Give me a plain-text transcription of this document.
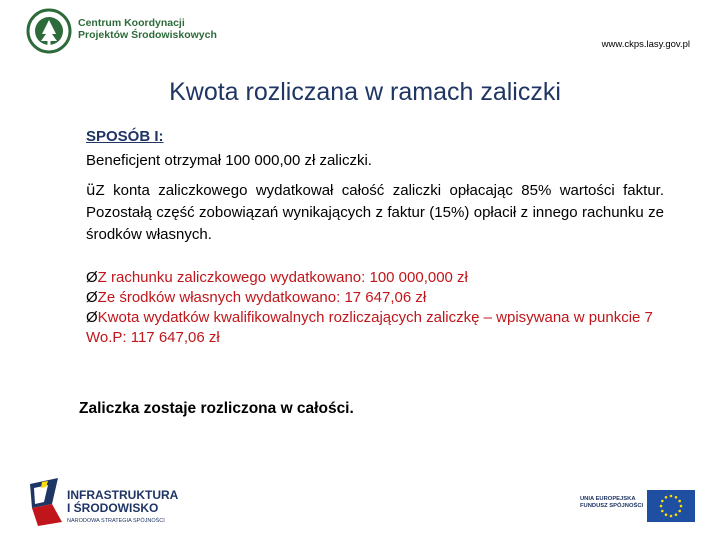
Centrum Koordynacji
Projektów Środowiskowych
www.ckps.lasy.gov.pl
Kwota rozliczana w ramach zaliczki
SPOSÓB I:

Beneficjent otrzymał 100 000,00 zł zaliczki.

üZ konta zaliczkowego wydatkował całość zaliczki opłacając 85% wartości faktur. Pozostałą część zobowiązań wynikających z faktur (15%) opłacił z innego rachunku ze środków własnych.

ØZ rachunku zaliczkowego wydatkowano: 100 000,000 zł

ØZe środków własnych wydatkowano: 17 647,06 zł

ØKwota wydatków kwalifikowalnych rozliczających zaliczkę – wpisywana w punkcie 7 Wo.P: 117 647,06 zł

Zaliczka zostaje rozliczona w całości.
INFRASTRUKTURA
I ŚRODOWISKO
NARODOWA STRATEGIA SPÓJNOŚCI
UNIA EUROPEJSKA
FUNDUSZ SPÓJNOŚCI
